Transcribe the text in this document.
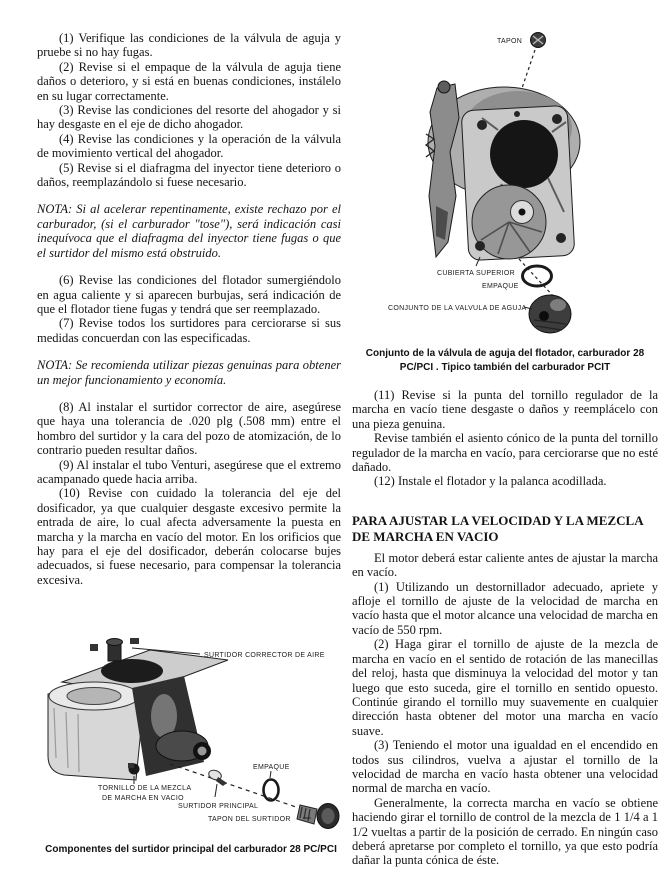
(1) Verifique las condiciones de la válvula de aguja y pruebe si no hay fugas.

(2) Revise si el empaque de la válvula de aguja tiene daños o deterioro, y si está en buenas condiciones, instálelo en su lugar correctamente.

(3) Revise las condiciones del resorte del ahogador y si hay desgaste en el eje de dicho ahogador.

(4) Revise las condiciones y la operación de la válvula de movimiento vertical del ahogador.

(5) Revise si el diafragma del inyector tiene deterioro o daños, reemplazándolo si fuese necesario.

NOTA: Si al acelerar repentinamente, existe rechazo por el carburador, (si el carburador "tose"), será indicación casi inequívoca que el diafragma del inyector tiene fugas o que el surtidor del mismo está obstruido.

(6) Revise las condiciones del flotador sumergiéndolo en agua caliente y si aparecen burbujas, será indicación de que el flotador tiene fugas y tendrá que ser reemplazado.

(7) Revise todos los surtidores para cerciorarse si sus medidas concuerdan con las especificadas.

NOTA: Se recomienda utilizar piezas genuinas para obtener un mejor funcionamiento y economía.

(8) Al instalar el surtidor corrector de aire, asegúrese que haya una tolerancia de .020 plg (.508 mm) entre el hombro del surtidor y la cara del pozo de atomización, de lo contrario pueden resultar daños.

(9) Al instalar el tubo Venturi, asegúrese que el extremo acampanado quede hacia arriba.

(10) Revise con cuidado la tolerancia del eje del dosificador, ya que cualquier desgaste excesivo permite la entrada de aire, lo cual afecta adversamente la puesta en marcha y la marcha en vacío del motor. En los orificios que hay para el eje del dosificador, deberán colocarse bujes adecuados, si fuese necesario, para compensar la tolerancia excesiva.

SURTIDOR CORRECTOR DE AIRE
TORNILLO DE LA MEZCLA
DE MARCHA EN VACIO
EMPAQUE
SURTIDOR PRINCIPAL
TAPON DEL SURTIDOR
Componentes del surtidor principal del carburador 28 PC/PCI
TAPON
CUBIERTA SUPERIOR
EMPAQUE
CONJUNTO DE LA VALVULA DE AGUJA
Conjunto de la válvula de aguja del flotador, carburador 28 PC/PCI . Tipico también del carburador PCIT

(11) Revise si la punta del tornillo regulador de la marcha en vacío tiene desgaste o daños y reemplácelo con una pieza genuina.

Revise también el asiento cónico de la punta del tornillo regulador de la marcha en vacío, para cerciorarse que no esté dañado.

(12) Instale el flotador y la palanca acodillada.

PARA AJUSTAR LA VELOCIDAD Y LA MEZCLA DE MARCHA EN VACIO

El motor deberá estar caliente antes de ajustar la marcha en vacío.

(1) Utilizando un destornillador adecuado, apriete y afloje el tornillo de ajuste de la velocidad de marcha en vacío hasta que el motor alcance una velocidad de marcha en vacío de 550 rpm.

(2) Haga girar el tornillo de ajuste de la mezcla de marcha en vacío en el sentido de rotación de las manecillas del reloj, hasta que disminuya la velocidad del motor y tan luego que esto suceda, gire el tornillo en sentido opuesto. Continúe girando el tornillo muy suavemente en cualquier dirección hasta obtener del motor una marcha en vacío suave.

(3) Teniendo el motor una igualdad en el encendido en todos sus cilindros, vuelva a ajustar el tornillo de la velocidad de marcha en vacío hasta obtener una velocidad normal de marcha en vacío.

Generalmente, la correcta marcha en vacío se obtiene haciendo girar el tornillo de control de la mezcla de 1 1/4 a 1 1/2 vueltas a partir de la posición de cerrado. En ningún caso deberá apretarse por completo el tornillo, ya que esto podría dañar la punta cónica de éste.
